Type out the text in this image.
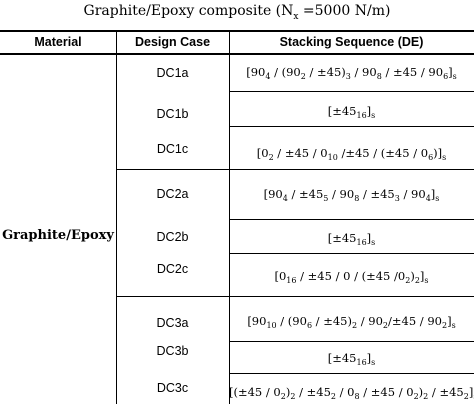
Graphite/Epoxy composite ($N_x =5000$ N/m)
Material	Design Case	Stacking Sequence (DE)
Graphite/Epoxy
DC1a
DC1b
DC1c
DC2a
DC2b
DC2c
DC3a
DC3b
DC3c
$[90_4 / (90_2 / \pm 45)_3 / 90_8 / \pm 45 / 90_6]_s$
$[\pm 45_{16}]_s$
[$0_2 / \pm 45 / 0_{10}$ $/\pm 45 / (\pm 45 / 0_6)]_s$
$[90_4 / \pm 45_5 / 90_8 / \pm 45_3 / 90_4]_s$
$[\pm 45_{16}]_s$
[$0_{16} / \pm 45 / 0 / (\pm 45$ $/0_2)_2]_s$
$[90_{10} / (90_6 / \pm 45)_2 / 90_2/\pm 45 / 90_2]_s$
$[\pm 45_{16}]_s$
$[(\pm 45 / 0_2)_2 / \pm 45_2 / 0_8 / \pm 45 / 0_2)_2 / \pm 45_2$]
